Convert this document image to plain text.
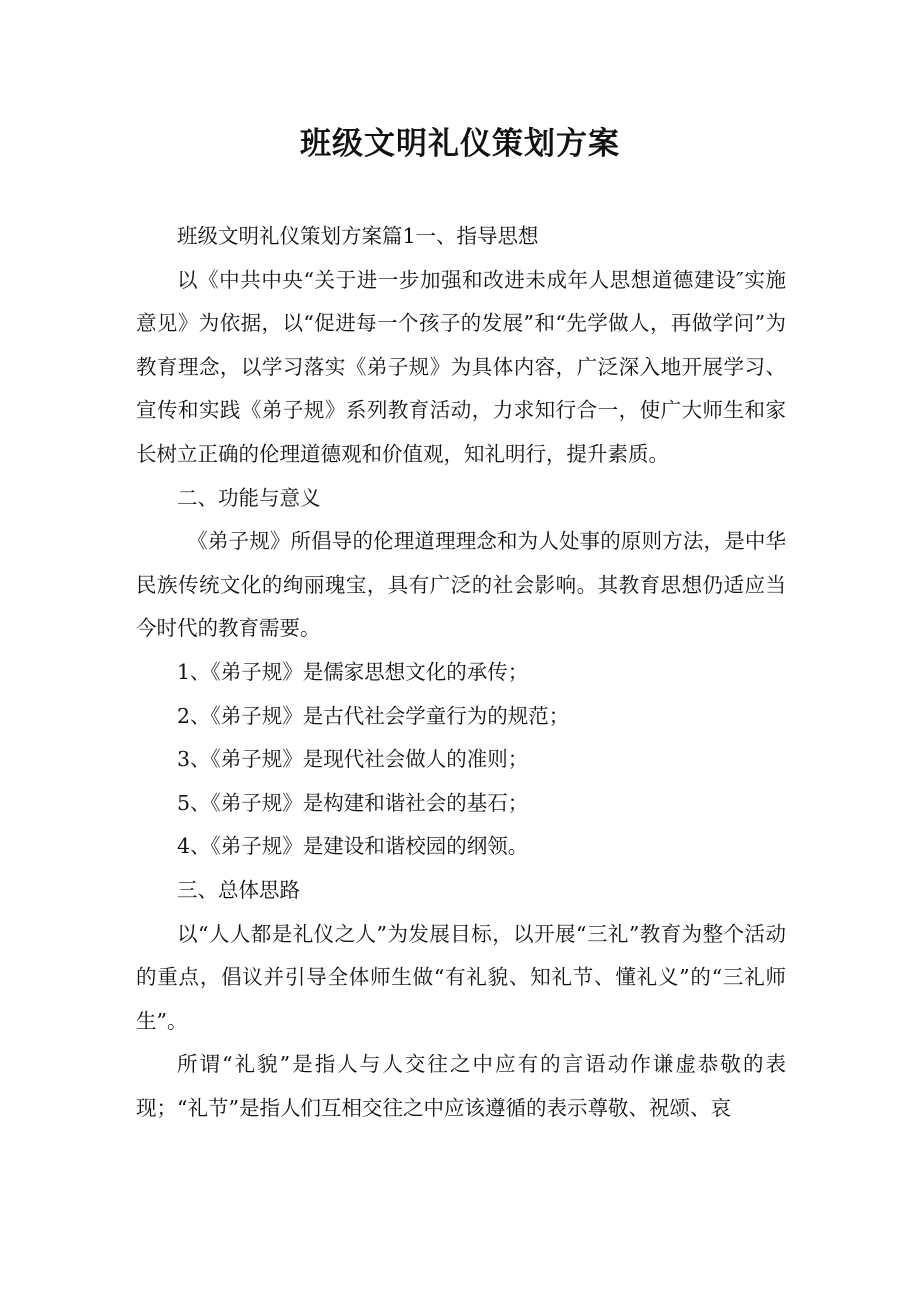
班级文明礼仪策划方案

班级文明礼仪策划方案篇1一、指导思想

以《中共中央“关于进一步加强和改进未成年人思想道德建设″实施意见》为依据，以“促进每一个孩子的发展”和“先学做人，再做学问”为教育理念，以学习落实《弟子规》为具体内容，广泛深入地开展学习、宣传和实践《弟子规》系列教育活动，力求知行合一，使广大师生和家长树立正确的伦理道德观和价值观，知礼明行，提升素质。

二、功能与意义

《弟子规》所倡导的伦理道理理念和为人处事的原则方法，是中华民族传统文化的绚丽瑰宝，具有广泛的社会影响。其教育思想仍适应当今时代的教育需要。

1、《弟子规》是儒家思想文化的承传；

2、《弟子规》是古代社会学童行为的规范；

3、《弟子规》是现代社会做人的准则；

5、《弟子规》是构建和谐社会的基石；

4、《弟子规》是建设和谐校园的纲领。

三、总体思路

以“人人都是礼仪之人”为发展目标，以开展“三礼”教育为整个活动的重点，倡议并引导全体师生做“有礼貌、知礼节、懂礼义”的“三礼师生”。

所谓“礼貌”是指人与人交往之中应有的言语动作谦虚恭敬的表现；“礼节”是指人们互相交往之中应该遵循的表示尊敬、祝颂、哀
